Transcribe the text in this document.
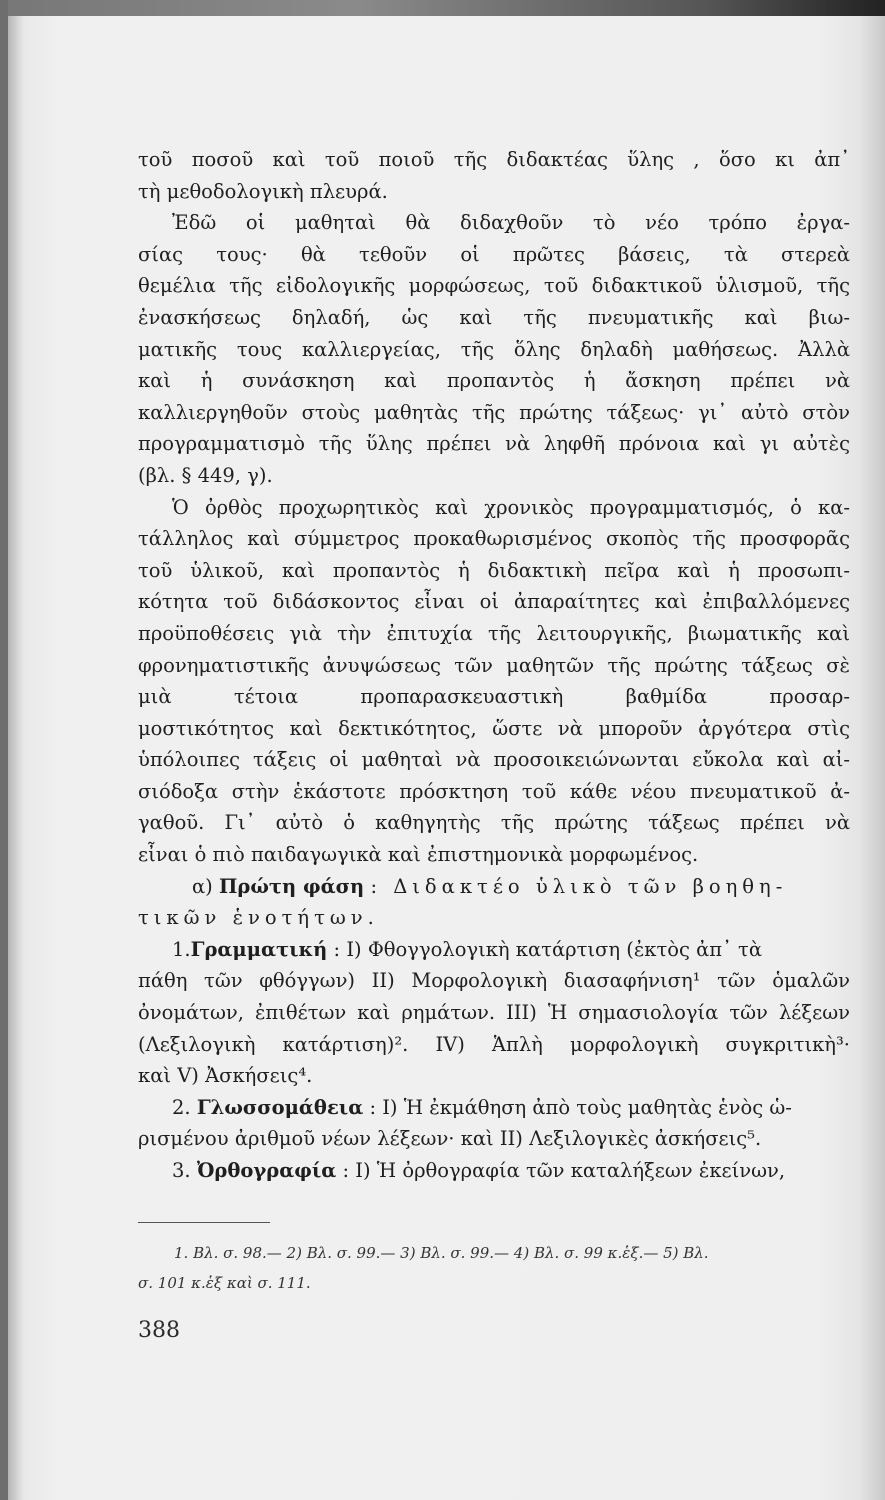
τοῦ ποσοῦ καὶ τοῦ ποιοῦ τῆς διδακτέας ὕλης , ὅσο κι ἀπ᾿
τὴ μεθοδολογικὴ πλευρά.
Ἐδῶ οἱ μαθηταὶ θὰ διδαχθοῦν τὸ νέο τρόπο ἐργα-
σίας τους· θὰ τεθοῦν οἱ πρῶτες βάσεις, τὰ στερεὰ
θεμέλια τῆς εἰδολογικῆς μορφώσεως, τοῦ διδακτικοῦ ὑλισμοῦ, τῆς
ἐνασκήσεως δηλαδή, ὡς καὶ τῆς πνευματικῆς καὶ βιω-
ματικῆς τους καλλιεργείας, τῆς ὅλης δηλαδὴ μαθήσεως. Ἀλλὰ
καὶ ἡ συνάσκηση καὶ προπαντὸς ἡ ἄσκηση πρέπει νὰ
καλλιεργηθοῦν στοὺς μαθητὰς τῆς πρώτης τάξεως· γι᾿ αὐτὸ στὸν
προγραμματισμὸ τῆς ὕλης πρέπει νὰ ληφθῆ πρόνοια καὶ γι αὐτὲς
(βλ. § 449, γ).
Ὁ ὀρθὸς προχωρητικὸς καὶ χρονικὸς προγραμματισμός, ὁ κα-
τάλληλος καὶ σύμμετρος προκαθωρισμένος σκοπὸς τῆς προσφορᾶς
τοῦ ὑλικοῦ, καὶ προπαντὸς ἡ διδακτικὴ πεῖρα καὶ ἡ προσωπι-
κότητα τοῦ διδάσκοντος εἶναι οἱ ἀπαραίτητες καὶ ἐπιβαλλόμενες
προϋποθέσεις γιὰ τὴν ἐπιτυχία τῆς λειτουργικῆς, βιωματικῆς καὶ
φρονηματιστικῆς ἀνυψώσεως τῶν μαθητῶν τῆς πρώτης τάξεως σὲ
μιὰ τέτοια προπαρασκευαστικὴ βαθμίδα προσαρ-
μοστικότητος καὶ δεκτικότητος, ὥστε νὰ μποροῦν ἀργότερα στὶς
ὑπόλοιπες τάξεις οἱ μαθηταὶ νὰ προσοικειώνωνται εὔκολα καὶ αἰ-
σιόδοξα στὴν ἑκάστοτε πρόσκτηση τοῦ κάθε νέου πνευματικοῦ ἀ-
γαθοῦ. Γι᾿ αὐτὸ ὁ καθηγητὴς τῆς πρώτης τάξεως πρέπει νὰ
εἶναι ὁ πιὸ παιδαγωγικὰ καὶ ἐπιστημονικὰ μορφωμένος.
α) Πρώτη φάση : Διδακτέο ὑλικὸ τῶν βοηθη-
τικῶν ἑνοτήτων.
1.Γραμματική : I) Φθογγολογικὴ κατάρτιση (ἐκτὸς ἀπ᾿ τὰ
πάθη τῶν φθόγγων) II) Μορφολογικὴ διασαφήνιση¹ τῶν ὁμαλῶν
ὀνομάτων, ἐπιθέτων καὶ ρημάτων. III) Ἡ σημασιολογία τῶν λέξεων
(Λεξιλογικὴ κατάρτιση)². IV) Ἁπλὴ μορφολογικὴ συγκριτικὴ³·
καὶ V) Ἀσκήσεις⁴.
2. Γλωσσομάθεια : I) Ἡ ἐκμάθηση ἀπὸ τοὺς μαθητὰς ἑνὸς ὡ-
ρισμένου ἀριθμοῦ νέων λέξεων· καὶ II) Λεξιλογικὲς ἀσκήσεις⁵.
3. Ὀρθογραφία : I) Ἡ ὀρθογραφία τῶν καταλήξεων ἐκείνων,
1. Βλ. σ. 98.— 2) Βλ. σ. 99.— 3) Βλ. σ. 99.— 4) Βλ. σ. 99 κ.ἑξ.— 5) Βλ.
σ. 101 κ.ἑξ καὶ σ. 111.
388
